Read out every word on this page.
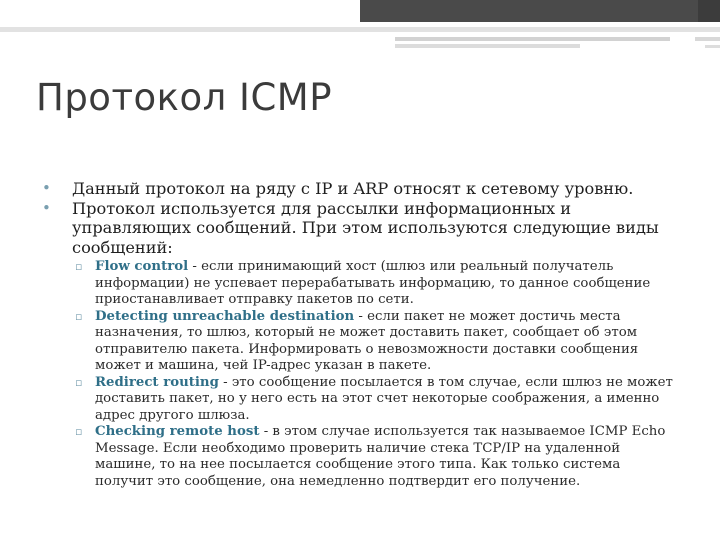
Протокол ICMP
• Данный протокол на ряду с IP и ARP относят к сетевому уровню.
• Протокол используется для рассылки информационных и управляющих сообщений. При этом используются следующие виды сообщений:
▫ Flow control - если принимающий хост (шлюз или реальный получатель информации) не успевает перерабатывать информацию, то данное сообщение приостанавливает отправку пакетов по сети.
▫ Detecting unreachable destination - если пакет не может достичь места назначения, то шлюз, который не может доставить пакет, сообщает об этом отправителю пакета. Информировать о невозможности доставки сообщения может и машина, чей IP-адрес указан в пакете.
▫ Redirect routing - это сообщение посылается в том случае, если шлюз не может доставить пакет, но у него есть на этот счет некоторые соображения, а именно адрес другого шлюза.
▫ Checking remote host - в этом случае используется так называемое ICMP Echo Message. Если необходимо проверить наличие стека TCP/IP на удаленной машине, то на нее посылается сообщение этого типа. Как только система получит это сообщение, она немедленно подтвердит его получение.
